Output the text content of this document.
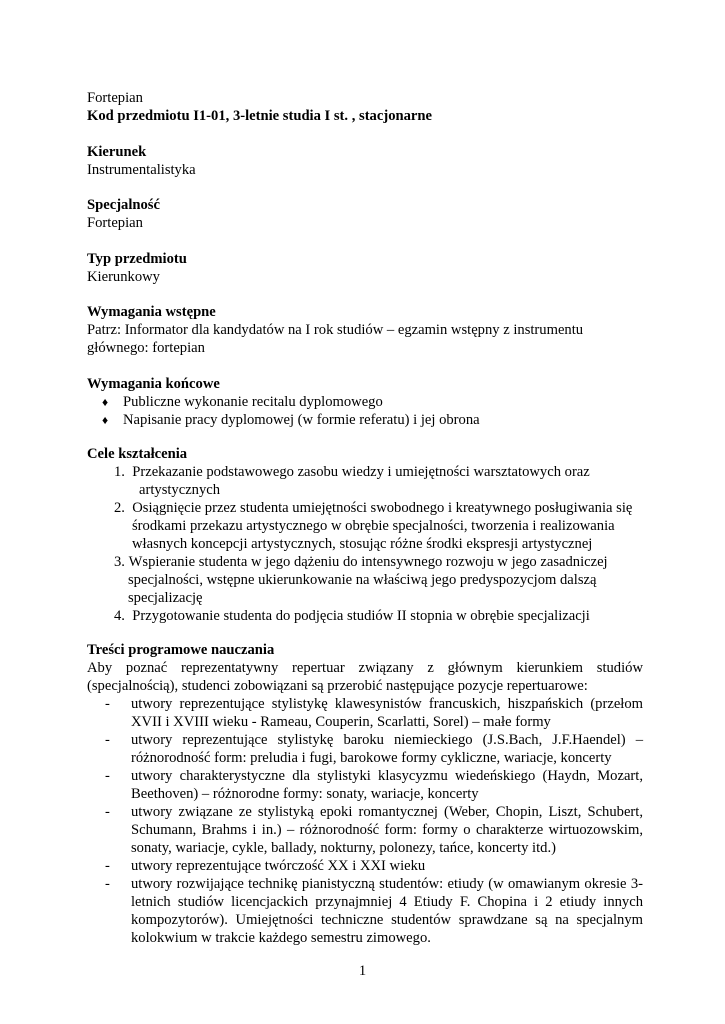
Fortepian

Kod przedmiotu I1-01, 3-letnie studia I st. , stacjonarne

Kierunek

Instrumentalistyka

Specjalność

Fortepian

Typ przedmiotu

Kierunkowy

Wymagania wstępne

Patrz: Informator dla kandydatów na I rok studiów – egzamin wstępny z instrumentu

głównego: fortepian

Wymagania końcowe

♦ Publiczne wykonanie recitalu dyplomowego
♦ Napisanie pracy dyplomowej (w formie referatu) i jej obrona

Cele kształcenia

1. Przekazanie podstawowego zasobu wiedzy i umiejętności warsztatowych oraz

artystycznych

2. Osiągnięcie przez studenta umiejętności swobodnego i kreatywnego posługiwania się

środkami przekazu artystycznego w obrębie specjalności, tworzenia i realizowania

własnych koncepcji artystycznych, stosując różne środki ekspresji artystycznej

3. Wspieranie studenta w jego dążeniu do intensywnego rozwoju w jego zasadniczej

specjalności, wstępne ukierunkowanie na właściwą jego predyspozycjom dalszą

specjalizację

4. Przygotowanie studenta do podjęcia studiów II stopnia w obrębie specjalizacji

Treści programowe nauczania

Aby poznać reprezentatywny repertuar związany z głównym kierunkiem studiów (specjalnością), studenci zobowiązani są przerobić następujące pozycje repertuarowe:

- utwory reprezentujące stylistykę klawesynistów francuskich, hiszpańskich (przełom XVII i XVIII wieku - Rameau, Couperin, Scarlatti, Sorel) – małe formy
- utwory reprezentujące stylistykę baroku niemieckiego (J.S.Bach, J.F.Haendel) – różnorodność form: preludia i fugi, barokowe formy cykliczne, wariacje, koncerty
- utwory charakterystyczne dla stylistyki klasycyzmu wiedeńskiego (Haydn, Mozart, Beethoven) – różnorodne formy: sonaty, wariacje, koncerty
- utwory związane ze stylistyką epoki romantycznej (Weber, Chopin, Liszt, Schubert, Schumann, Brahms i in.) – różnorodność form: formy o charakterze wirtuozowskim, sonaty, wariacje, cykle, ballady, nokturny, polonezy, tańce, koncerty itd.)
- utwory reprezentujące twórczość XX i XXI wieku
- utwory rozwijające technikę pianistyczną studentów: etiudy (w omawianym okresie 3-letnich studiów licencjackich przynajmniej 4 Etiudy F. Chopina i 2 etiudy innych kompozytorów). Umiejętności techniczne studentów sprawdzane są na specjalnym kolokwium w trakcie każdego semestru zimowego.
1
